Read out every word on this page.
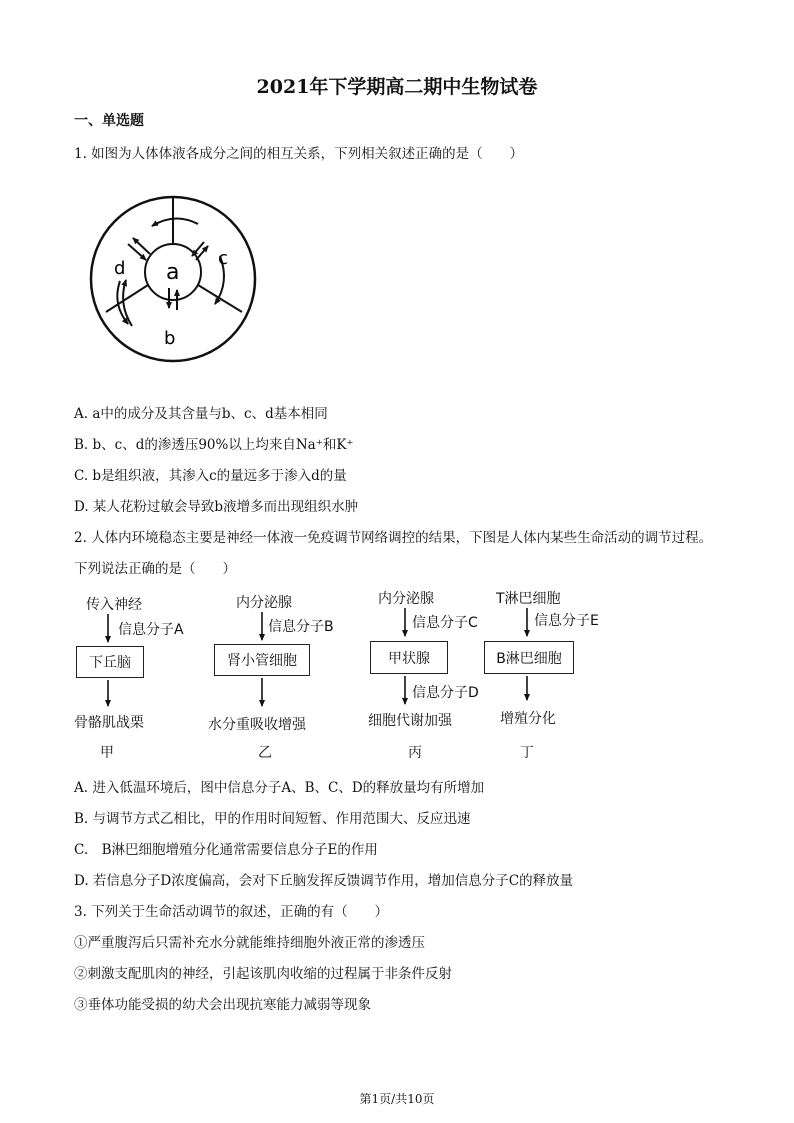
2021年下学期高二期中生物试卷
一、单选题
1. 如图为人体体液各成分之间的相互关系，下列相关叙述正确的是（　　）
a
c
d
b
A. a中的成分及其含量与b、c、d基本相同
B. b、c、d的渗透压90%以上均来自Na⁺和K⁺
C. b是组织液，其渗入c的量远多于渗入d的量
D. 某人花粉过敏会导致b液增多而出现组织水肿
2. 人体内环境稳态主要是神经一体液一免疫调节网络调控的结果，下图是人体内某些生命活动的调节过程。
下列说法正确的是（　　）
传入神经
信息分子A
下丘脑
骨骼肌战栗
甲
内分泌腺
信息分子B
肾小管细胞
水分重吸收增强
乙
内分泌腺
信息分子C
甲状腺
信息分子D
细胞代谢加强
丙
T淋巴细胞
信息分子E
B淋巴细胞
增殖分化
丁
A. 进入低温环境后，图中信息分子A、B、C、D的释放量均有所增加
B. 与调节方式乙相比，甲的作用时间短暂、作用范围大、反应迅速
C.　B淋巴细胞增殖分化通常需要信息分子E的作用
D. 若信息分子D浓度偏高，会对下丘脑发挥反馈调节作用，增加信息分子C的释放量
3. 下列关于生命活动调节的叙述，正确的有（　　）
①严重腹泻后只需补充水分就能维持细胞外液正常的渗透压
②刺激支配肌肉的神经，引起该肌肉收缩的过程属于非条件反射
③垂体功能受损的幼犬会出现抗寒能力减弱等现象
第1页/共10页
